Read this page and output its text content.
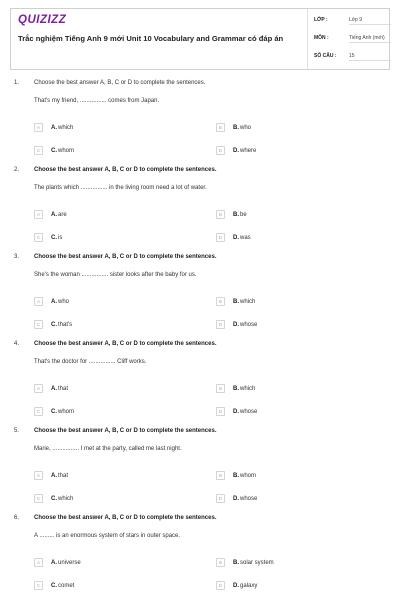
QUIZIZZ
Trắc nghiệm Tiếng Anh 9 mới Unit 10 Vocabulary and Grammar có đáp án
LỚP :	Lớp 9
MÔN :	Tiếng Anh (mới)
SỐ CÂU :	15
1. Choose the best answer A, B, C or D to complete the sentences.
That's my friend, ................ comes from Japan.
A	A. which	B	B. who
C	C. whom	D	D. where
2. Choose the best answer A, B, C or D to complete the sentences.
The plants which ................ in the living room need a lot of water.
A	A. are	B	B. be
C	C. is	D	D. was
3. Choose the best answer A, B, C or D to complete the sentences.
She's the woman ................ sister looks after the baby for us.
A	A. who	B	B. which
C	C. that's	D	D. whose
4. Choose the best answer A, B, C or D to complete the sentences.
That's the doctor for ................ Cliff works.
A	A. that	B	B. which
C	C. whom	D	D. whose
5. Choose the best answer A, B, C or D to complete the sentences.
Marie, ................ I met at the party, called me last night.
A	A. that	B	B. whom
C	C. which	D	D. whose
6. Choose the best answer A, B, C or D to complete the sentences.
A ......... is an enormous system of stars in outer space.
A	A. universe	B	B. solar system
C	C. comet	D	D. galaxy
